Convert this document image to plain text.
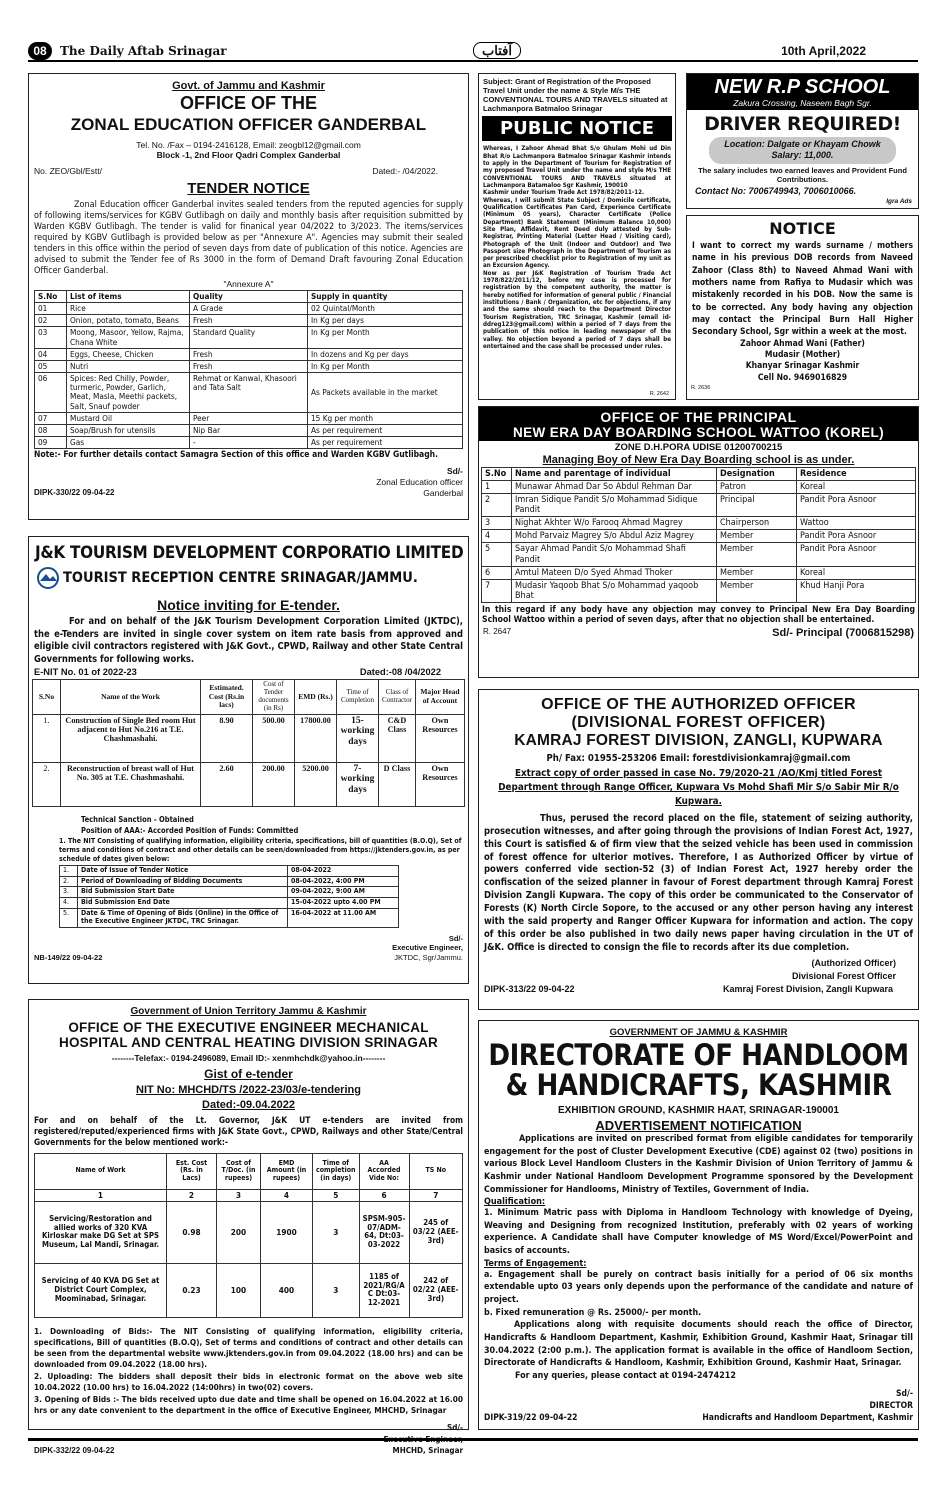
08	The Daily Aftab Srinagar	آفتاب	10th April,2022
Govt. of Jammu and Kashmir
OFFICE OF THE
ZONAL EDUCATION OFFICER GANDERBAL
Tel. No. /Fax – 0194-2416128, Email: zeogbl12@gmail.com
Block -1, 2nd Floor Qadri Complex Ganderbal
No. ZEO/Gbl/Estt/	Dated:- /04/2022.
TENDER NOTICE

Zonal Education officer Ganderbal invites sealed tenders from the reputed agencies for supply of following items/services for KGBV Gutlibagh on daily and monthly basis after requisition submitted by Warden KGBV Gutlibagh. The tender is valid for finanical year 04/2022 to 3/2023. The items/services required by KGBV Gutlibagh is provided below as per "Annexure A". Agencies may submit their sealed tenders in this office within the period of seven days from date of publication of this notice. Agencies are advised to submit the Tender fee of Rs 3000 in the form of Demand Draft favouring Zonal Education Officer Ganderbal.

"Annexure A"
S.No	List of items	Quality	Supply in quantity
01	Rice	A Grade	02 Quintal/Month
02	Onion, potato, tomato, Beans	Fresh	In Kg per days
03	Moong, Masoor, Yellow, Rajma, Chana White	Standard Quality	In Kg per Month
04	Eggs, Cheese, Chicken	Fresh	In dozens and Kg per days
05	Nutri	Fresh	In Kg per Month
06	Spices: Red Chilly, Powder, turmeric, Powder, Garlich, Meat, Masla, Meethi packets, Salt, Snauf powder	Rehmat or Kanwal, Khasoori and Tata Salt	As Packets available in the market
07	Mustard Oil	Peer	15 Kg per month
08	Soap/Brush for utensils	Nip Bar	As per requirement
09	Gas	-	As per requirement
Note:- For further details contact Samagra Section of this office and Warden KGBV Gutlibagh.
Sd/-
Zonal Education officer
Ganderbal
DIPK-330/22 09-04-22
Subject: Grant of Registration of the Proposed Travel Unit under the name & Style M/s THE CONVENTIONAL TOURS AND TRAVELS situated at Lachmanpora Batmaloo Srinagar
PUBLIC NOTICE
Whereas, I Zahoor Ahmad Bhat S/o Ghulam Mohi ud Din Bhat R/o Lachmanpora Batmaloo Srinagar Kashmir intends to apply in the Department of Tourism for Registration of my proposed Travel Unit under the name and style M/s THE CONVENTIONAL TOURS AND TRAVELS situated at Lachmanpora Batamaloo Sgr Kashmir, 190010
Kashmir under Tourism Trade Act 1978/82/2011-12.
Whereas, I will submit State Subject / Domicile certificate, Qualification Certificates Pan Card, Experience Certificate (Minimum 05 years), Character Certificate (Police Department) Bank Statement (Minimum Balance 10,000) Site Plan, Affidavit, Rent Deed duly attested by Sub-Registrar, Printing Material (Letter Head / Visiting card), Photograph of the Unit (Indoor and Outdoor) and Two Passport size Photograph in the Department of Tourism as per prescribed checklist prior to Registration of my unit as an Excursion Agency.
Now as per J&K Registration of Tourism Trade Act 1978/822/2011/12, before my case is processed for registration by the competent authority, the matter is hereby notified for information of general public / Financial institutions / Bank / Organization, etc for objections, if any and the same should reach to the Department Director Tourism Registration, TRC Srinagar, Kashmir (email id-ddreg123@gmail.com) within a period of 7 days from the publication of this notice in leading newspaper of the valley. No objection beyond a period of 7 days shall be entertained and the case shall be processed under rules.
R. 2642
NEW R.P SCHOOL
Zakura Crossing, Naseem Bagh Sgr.
DRIVER REQUIRED!
Location: Dalgate or Khayam Chowk
Salary: 11,000.
The salary includes two earned leaves and Provident Fund Contributions.
Contact No: 7006749943, 7006010066.
Igra Ads
NOTICE

I want to correct my wards surname / mothers name in his previous DOB records from Naveed Zahoor (Class 8th) to Naveed Ahmad Wani with mothers name from Rafiya to Mudasir which was mistakenly recorded in his DOB. Now the same is to be corrected. Any body having any objection may contact the Principal Burn Hall Higher Secondary School, Sgr within a week at the most.

Zahoor Ahmad Wani (Father)
Mudasir (Mother)
Khanyar Srinagar Kashmir
Cell No. 9469016829
R. 2636
OFFICE OF THE PRINCIPAL
NEW ERA DAY BOARDING SCHOOL WATTOO (KOREL)
ZONE D.H.PORA UDISE 01200700215
Managing Boy of New Era Day Boarding school is as under.
S.No	Name and parentage of individual	Designation	Residence
1	Munawar Ahmad Dar So Abdul Rehman Dar	Patron	Koreal
2	Imran Sidique Pandit S/o Mohammad Sidique Pandit	Principal	Pandit Pora Asnoor
3	Nighat Akhter W/o Farooq Ahmad Magrey	Chairperson	Wattoo
4	Mohd Parvaiz Magrey S/o Abdul Aziz Magrey	Member	Pandit Pora Asnoor
5	Sayar Ahmad Pandit S/o Mohammad Shafi Pandit	Member	Pandit Pora Asnoor
6	Amtul Mateen D/o Syed Ahmad Thoker	Member	Koreal
7	Mudasir Yaqoob Bhat S/o Mohammad yaqoob Bhat	Member	Khud Hanji Pora

In this regard if any body have any objection may convey to Principal New Era Day Boarding School Wattoo within a period of seven days, after that no objection shall be entertained.

R. 2647	Sd/- Principal (7006815298)
J&K TOURISM DEVELOPMENT CORPORATIO LIMITED
TOURIST RECEPTION CENTRE SRINAGAR/JAMMU.
Notice inviting for E-tender.

For and on behalf of the J&K Tourism Development Corporation Limited (JKTDC), the e-Tenders are invited in single cover system on item rate basis from approved and eligible civil contractors registered with J&K Govt., CPWD, Railway and other State Central Governments for following works.

E-NIT No. 01 of 2022-23	Dated:-08 /04/2022
S.No	Name of the Work	Estimated. Cost (Rs.in lacs)	Cost of Tender documents (in Rs)	EMD (Rs.)	Time of Completion	Class of Contractor	Major Head of Account
1.	Construction of Single Bed room Hut adjacent to Hut No.216 at T.E. Chashmashahi.	8.90	500.00	17800.00	15-working days	C&D Class	Own Resources
2.	Reconstruction of breast wall of Hut No. 305 at T.E. Chashmashahi.	2.60	200.00	5200.00	7-working days	D Class	Own Resources
Technical Sanction - Obtained
Position of AAA:- Accorded Position of Funds: Committed
1. The NIT Consisting of qualifying information, eligibility criteria, specifications, bill of quantities (B.O.Q), Set of terms and conditions of contract and other details can be seen/downloaded from https://jktenders.gov.in, as per schedule of dates given below:
1.	Date of Issue of Tender Notice	08-04-2022
2.	Period of Downloading of Bidding Documents	08-04-2022, 4:00 PM
3.	Bid Submission Start Date	09-04-2022, 9:00 AM
4.	Bid Submission End Date	15-04-2022 upto 4.00 PM
5.	Date & Time of Opening of Bids (Online) in the Office of the Executive Engineer JKTDC, TRC Srinagar.	16-04-2022 at 11.00 AM
Sd/-
Executive Engineer,
JKTDC, Sgr/Jammu.
NB-149/22 09-04-22
OFFICE OF THE AUTHORIZED OFFICER
(DIVISIONAL FOREST OFFICER)
KAMRAJ FOREST DIVISION, ZANGLI, KUPWARA
Ph/ Fax: 01955-253206 Email: forestdivisionkamraj@gmail.com
Extract copy of order passed in case No. 79/2020-21 /AO/Kmj titled Forest Department through Range Officer, Kupwara Vs Mohd Shafi Mir S/o Sabir Mir R/o Kupwara.

Thus, perused the record placed on the file, statement of seizing authority, prosecution witnesses, and after going through the provisions of Indian Forest Act, 1927, this Court is satisfied & of firm view that the seized vehicle has been used in commission of forest offence for ulterior motives. Therefore, I as Authorized Officer by virtue of powers conferred vide section-52 (3) of Indian Forest Act, 1927 hereby order the confiscation of the seized planner in favour of Forest department through Kamraj Forest Division Zangli Kupwara. The copy of this order be communicated to the Conservator of Forests (K) North Circle Sopore, to the accused or any other person having any interest with the said property and Ranger Officer Kupwara for information and action. The copy of this order be also published in two daily news paper having circulation in the UT of J&K. Office is directed to consign the file to records after its due completion.

(Authorized Officer)
Divisional Forest Officer
DIPK-313/22 09-04-22	Kamraj Forest Division, Zangli Kupwara
Government of Union Territory Jammu & Kashmir
OFFICE OF THE EXECUTIVE ENGINEER MECHANICAL
HOSPITAL AND CENTRAL HEATING DIVISION SRINAGAR
--------Telefax:- 0194-2496089, Email ID:- xenmhchdk@yahoo.in--------
Gist of e-tender
NIT No: MHCHD/TS /2022-23/03/e-tendering
Dated:-09.04.2022

For and on behalf of the Lt. Governor, J&K UT e-tenders are invited from registered/reputed/experienced firms with J&K State Govt., CPWD, Railways and other State/Central Governments for the below mentioned work:-

Name of Work	Est. Cost (Rs. in Lacs)	Cost of T/Doc. (in rupees)	EMD Amount (in rupees)	Time of completion (in days)	AA Accorded Vide No:	TS No
1	2	3	4	5	6	7
Servicing/Restoration and allied works of 320 KVA Kirloskar make DG Set at SPS Museum, Lal Mandi, Srinagar.	0.98	200	1900	3	SPSM-905-07/ADM-64, Dt:03-03-2022	245 of 03/22 (AEE-3rd)
Servicing of 40 KVA DG Set at District Court Complex, Moominabad, Srinagar.	0.23	100	400	3	1185 of 2021/RG/A C Dt:03-12-2021	242 of 02/22 (AEE-3rd)

1. Downloading of Bids:- The NIT Consisting of qualifying information, eligibility criteria, specifications, Bill of quantities (B.O.Q), Set of terms and conditions of contract and other details can be seen from the departmental website www.jktenders.gov.in from 09.04.2022 (18.00 hrs) and can be downloaded from 09.04.2022 (18.00 hrs).

2. Uploading: The bidders shall deposit their bids in electronic format on the above web site 10.04.2022 (10.00 hrs) to 16.04.2022 (14:00hrs) in two(02) covers.

3. Opening of Bids :- The bids received upto due date and time shall be opened on 16.04.2022 at 16.00 hrs or any date convenient to the department in the office of Executive Engineer, MHCHD, Srinagar

Sd/-
MHCHD, Srinagar
DIPK-332/22 09-04-22
GOVERNMENT OF JAMMU & KASHMIR
DIRECTORATE OF HANDLOOM
& HANDICRAFTS, KASHMIR
EXHIBITION GROUND, KASHMIR HAAT, SRINAGAR-190001
ADVERTISEMENT NOTIFICATION

Applications are invited on prescribed format from eligible candidates for temporarily engagement for the post of Cluster Development Executive (CDE) against 02 (two) positions in various Block Level Handloom Clusters in the Kashmir Division of Union Territory of Jammu & Kashmir under National Handloom Development Programme sponsored by the Development Commissioner for Handlooms, Ministry of Textiles, Government of India.

Qualification:

1. Minimum Matric pass with Diploma in Handloom Technology with knowledge of Dyeing, Weaving and Designing from recognized Institution, preferably with 02 years of working experience. A Candidate shall have Computer knowledge of MS Word/Excel/PowerPoint and basics of accounts.

Terms of Engagement:

a. Engagement shall be purely on contract basis initially for a period of 06 six months extendable upto 03 years only depends upon the performance of the candidate and nature of project.

b. Fixed remuneration @ Rs. 25000/- per month.

Applications along with requisite documents should reach the office of Director, Handicrafts & Handloom Department, Kashmir, Exhibition Ground, Kashmir Haat, Srinagar till 30.04.2022 (2:00 p.m.). The application format is available in the office of Handloom Section, Directorate of Handicrafts & Handloom, Kashmir, Exhibition Ground, Kashmir Haat, Srinagar.

For any queries, please contact at 0194-2474212
Sd/-
DIRECTOR
DIPK-319/22 09-04-22	Handicrafts and Handloom Department, Kashmir
